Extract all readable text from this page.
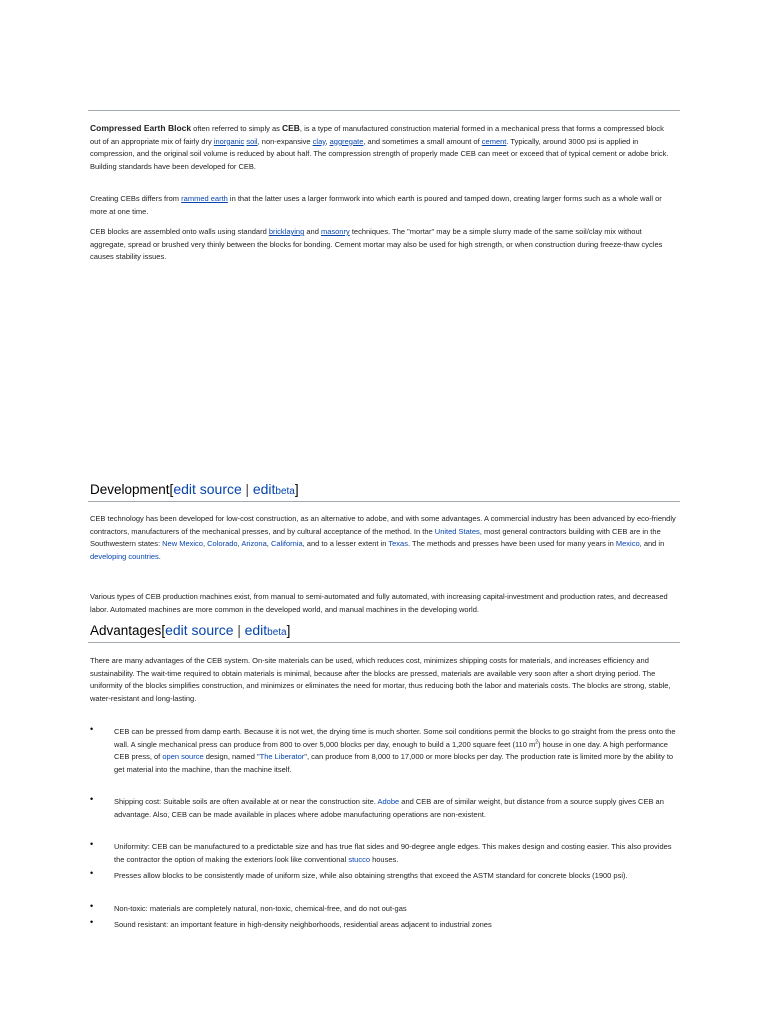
Compressed Earth Block often referred to simply as CEB, is a type of manufactured construction material formed in a mechanical press that forms a compressed block out of an appropriate mix of fairly dry inorganic soil, non-expansive clay, aggregate, and sometimes a small amount of cement. Typically, around 3000 psi is applied in compression, and the original soil volume is reduced by about half. The compression strength of properly made CEB can meet or exceed that of typical cement or adobe brick. Building standards have been developed for CEB.
Creating CEBs differs from rammed earth in that the latter uses a larger formwork into which earth is poured and tamped down, creating larger forms such as a whole wall or more at one time.
CEB blocks are assembled onto walls using standard bricklaying and masonry techniques. The "mortar" may be a simple slurry made of the same soil/clay mix without aggregate, spread or brushed very thinly between the blocks for bonding. Cement mortar may also be used for high strength, or when construction during freeze-thaw cycles causes stability issues.
Development[edit source | editbeta]
CEB technology has been developed for low-cost construction, as an alternative to adobe, and with some advantages. A commercial industry has been advanced by eco-friendly contractors, manufacturers of the mechanical presses, and by cultural acceptance of the method. In the United States, most general contractors building with CEB are in the Southwestern states: New Mexico, Colorado, Arizona, California, and to a lesser extent in Texas. The methods and presses have been used for many years in Mexico, and in developing countries.
Various types of CEB production machines exist, from manual to semi-automated and fully automated, with increasing capital-investment and production rates, and decreased labor. Automated machines are more common in the developed world, and manual machines in the developing world.
Advantages[edit source | editbeta]
There are many advantages of the CEB system. On-site materials can be used, which reduces cost, minimizes shipping costs for materials, and increases efficiency and sustainability. The wait-time required to obtain materials is minimal, because after the blocks are pressed, materials are available very soon after a short drying period. The uniformity of the blocks simplifies construction, and minimizes or eliminates the need for mortar, thus reducing both the labor and materials costs. The blocks are strong, stable, water-resistant and long-lasting.
•	CEB can be pressed from damp earth. Because it is not wet, the drying time is much shorter. Some soil conditions permit the blocks to go straight from the press onto the wall. A single mechanical press can produce from 800 to over 5,000 blocks per day, enough to build a 1,200 square feet (110 $m^2$) house in one day. A high performance CEB press, of open source design, named "The Liberator", can produce from 8,000 to 17,000 or more blocks per day. The production rate is limited more by the ability to get material into the machine, than the machine itself.
•	Shipping cost: Suitable soils are often available at or near the construction site. Adobe and CEB are of similar weight, but distance from a source supply gives CEB an advantage. Also, CEB can be made available in places where adobe manufacturing operations are non-existent.
•	Uniformity: CEB can be manufactured to a predictable size and has true flat sides and 90-degree angle edges. This makes design and costing easier. This also provides the contractor the option of making the exteriors look like conventional stucco houses.
•	Presses allow blocks to be consistently made of uniform size, while also obtaining strengths that exceed the ASTM standard for concrete blocks (1900 psi).
•	Non-toxic: materials are completely natural, non-toxic, chemical-free, and do not out-gas
•	Sound resistant: an important feature in high-density neighborhoods, residential areas adjacent to industrial zones
